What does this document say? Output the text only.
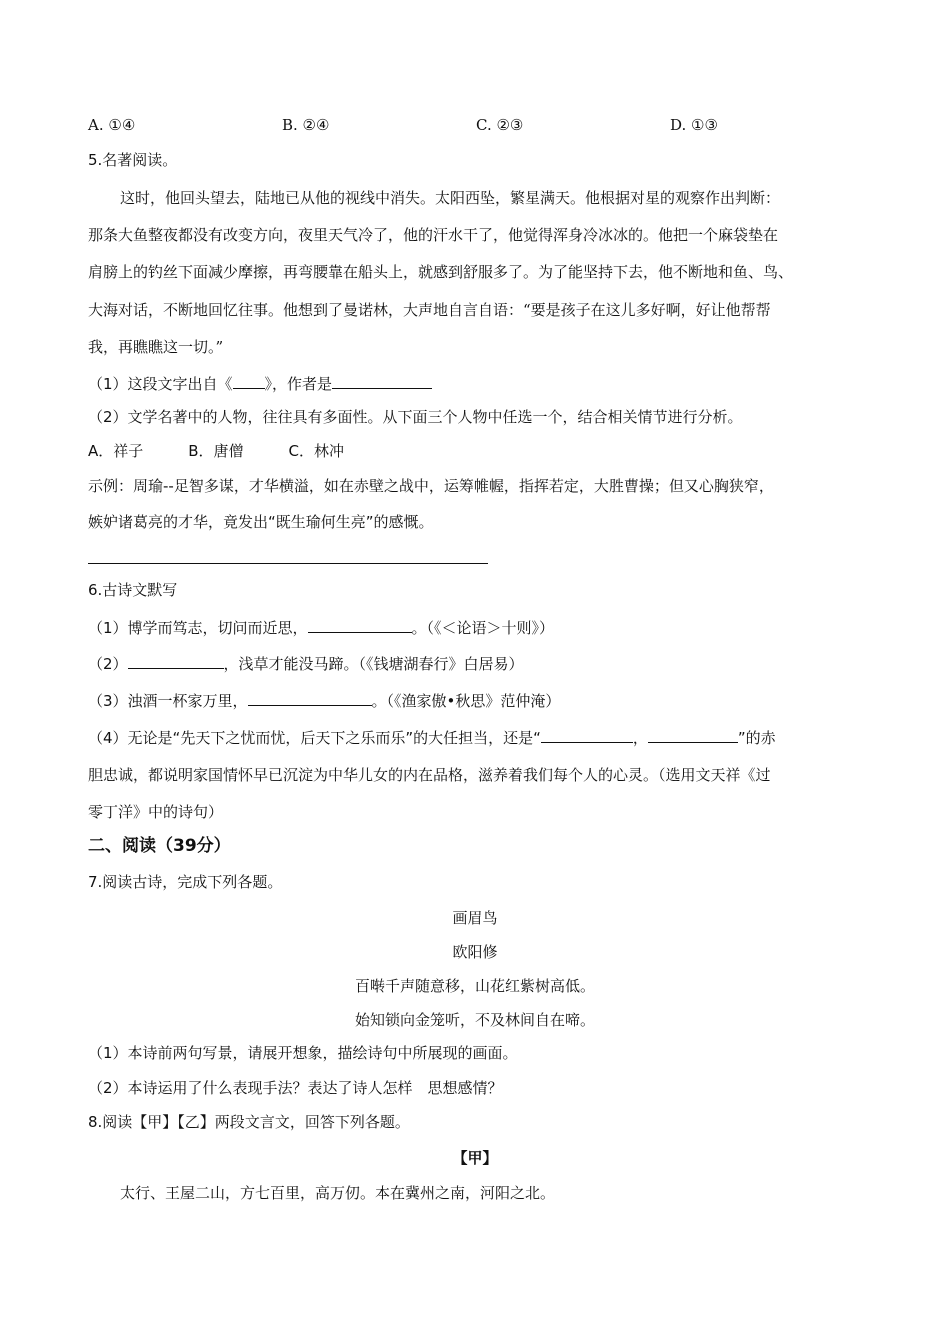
A. ①④	B. ②④	C. ②③	D. ①③
5.名著阅读。
这时，他回头望去，陆地已从他的视线中消失。太阳西坠，繁星满天。他根据对星的观察作出判断：
那条大鱼整夜都没有改变方向，夜里天气冷了，他的汗水干了，他觉得浑身冷冰冰的。他把一个麻袋垫在
肩膀上的钓丝下面减少摩擦，再弯腰靠在船头上，就感到舒服多了。为了能坚持下去，他不断地和鱼、鸟、
大海对话，不断地回忆往事。他想到了曼诺林，大声地自言自语：“要是孩子在这儿多好啊，好让他帮帮
我，再瞧瞧这一切。”
（1）这段文字出自《 》，作者是
（2）文学名著中的人物，往往具有多面性。从下面三个人物中任选一个，结合相关情节进行分析。
A．祥子　　　B．唐僧　　　C．林冲
示例：周瑜--足智多谋，才华横溢，如在赤壁之战中，运筹帷幄，指挥若定，大胜曹操；但又心胸狭窄，
嫉妒诸葛亮的才华，竟发出“既生瑜何生亮”的感慨。
6.古诗文默写
（1）博学而笃志，切问而近思，	。（《＜论语＞十则》）
（2）	，浅草才能没马蹄。（《钱塘湖春行》白居易）
（3）浊酒一杯家万里，	。（《渔家傲•秋思》范仲淹）
（4）无论是“先天下之忧而忧，后天下之乐而乐”的大任担当，还是“	，	”的赤
胆忠诚，都说明家国情怀早已沉淀为中华儿女的内在品格，滋养着我们每个人的心灵。（选用文天祥《过
零丁洋》中的诗句）
二、阅读（39分）
7.阅读古诗，完成下列各题。
画眉鸟
欧阳修
百啭千声随意移，山花红紫树高低。
始知锁向金笼听，不及林间自在啼。
（1）本诗前两句写景，请展开想象，描绘诗句中所展现的画面。
（2）本诗运用了什么表现手法？表达了诗人怎样　思想感情？
8.阅读【甲】【乙】两段文言文，回答下列各题。
【甲】
太行、王屋二山，方七百里，高万仞。本在冀州之南，河阳之北。
